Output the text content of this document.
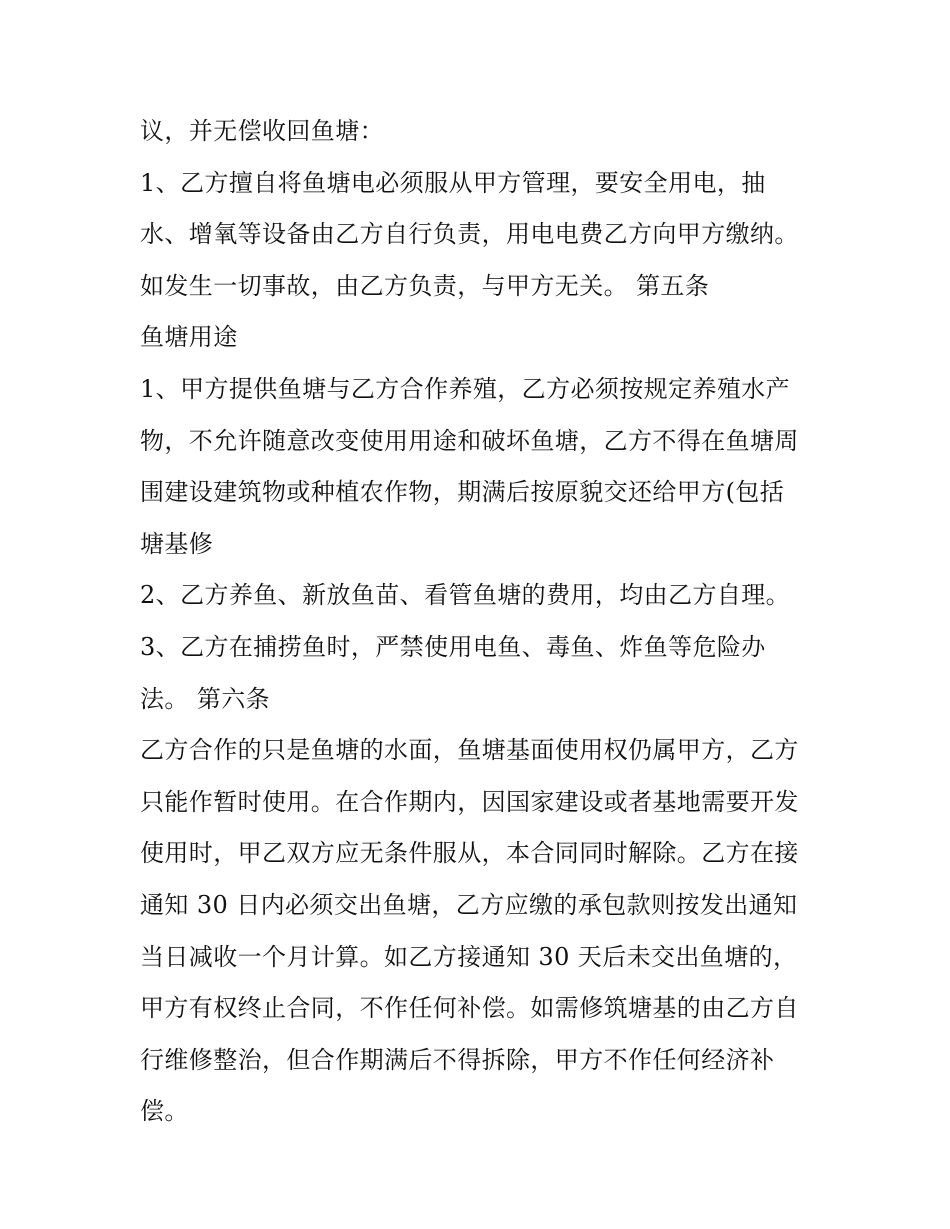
议，并无偿收回鱼塘：
1、乙方擅自将鱼塘电必须服从甲方管理，要安全用电，抽
水、增氧等设备由乙方自行负责，用电电费乙方向甲方缴纳。
如发生一切事故，由乙方负责，与甲方无关。 第五条
鱼塘用途
1、甲方提供鱼塘与乙方合作养殖，乙方必须按规定养殖水产
物，不允许随意改变使用用途和破坏鱼塘，乙方不得在鱼塘周
围建设建筑物或种植农作物，期满后按原貌交还给甲方(包括
塘基修
2、乙方养鱼、新放鱼苗、看管鱼塘的费用，均由乙方自理。
3、乙方在捕捞鱼时，严禁使用电鱼、毒鱼、炸鱼等危险办
法。 第六条
乙方合作的只是鱼塘的水面，鱼塘基面使用权仍属甲方，乙方
只能作暂时使用。在合作期内，因国家建设或者基地需要开发
使用时，甲乙双方应无条件服从，本合同同时解除。乙方在接
通知 30 日内必须交出鱼塘，乙方应缴的承包款则按发出通知
当日减收一个月计算。如乙方接通知 30 天后未交出鱼塘的，
甲方有权终止合同，不作任何补偿。如需修筑塘基的由乙方自
行维修整治，但合作期满后不得拆除，甲方不作任何经济补
偿。
